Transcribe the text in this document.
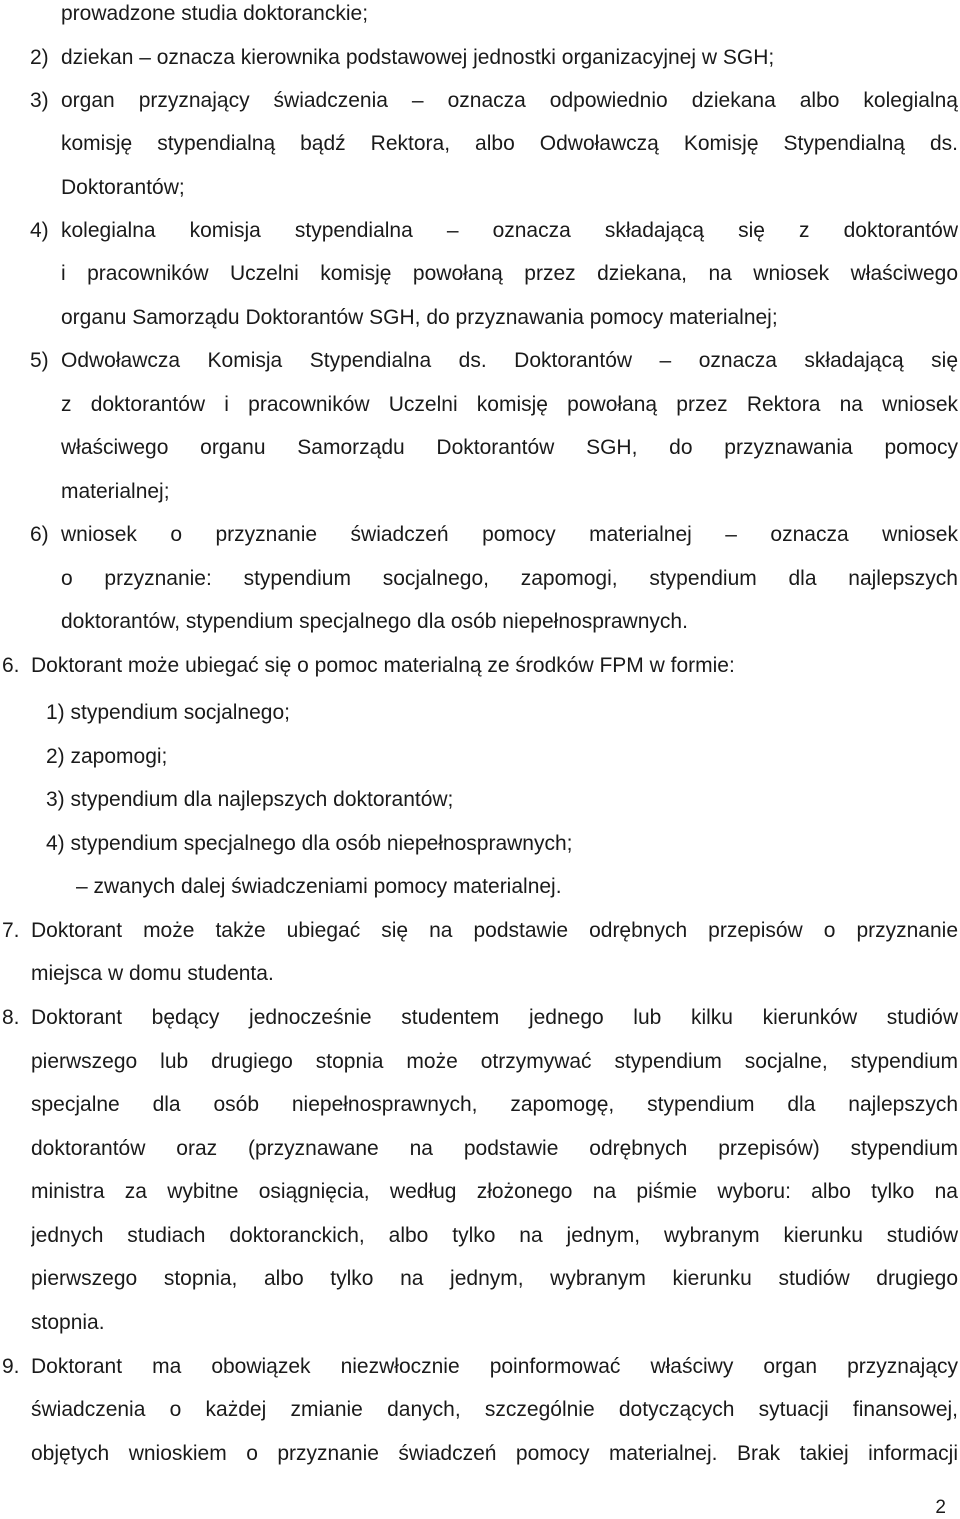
prowadzone studia doktoranckie;
2) dziekan – oznacza kierownika podstawowej jednostki organizacyjnej w SGH;
3) organ przyznający świadczenia – oznacza odpowiednio dziekana albo kolegialną
komisję stypendialną bądź Rektora, albo Odwoławczą Komisję Stypendialną ds.
Doktorantów;
4) kolegialna komisja stypendialna – oznacza składającą się z doktorantów
i pracowników Uczelni komisję powołaną przez dziekana, na wniosek właściwego
organu Samorządu Doktorantów SGH, do przyznawania pomocy materialnej;
5) Odwoławcza Komisja Stypendialna ds. Doktorantów – oznacza składającą się
z doktorantów i pracowników Uczelni komisję powołaną przez Rektora na wniosek
właściwego organu Samorządu Doktorantów SGH, do przyznawania pomocy
materialnej;
6) wniosek o przyznanie świadczeń pomocy materialnej – oznacza wniosek
o przyznanie: stypendium socjalnego, zapomogi, stypendium dla najlepszych
doktorantów, stypendium specjalnego dla osób niepełnosprawnych.
6. Doktorant może ubiegać się o pomoc materialną ze środków FPM w formie:
1) stypendium socjalnego;
2) zapomogi;
3) stypendium dla najlepszych doktorantów;
4) stypendium specjalnego dla osób niepełnosprawnych;
– zwanych dalej świadczeniami pomocy materialnej.
7. Doktorant może także ubiegać się na podstawie odrębnych przepisów o przyznanie
miejsca w domu studenta.
8. Doktorant będący jednocześnie studentem jednego lub kilku kierunków studiów
pierwszego lub drugiego stopnia może otrzymywać stypendium socjalne, stypendium
specjalne dla osób niepełnosprawnych, zapomogę, stypendium dla najlepszych
doktorantów oraz (przyznawane na podstawie odrębnych przepisów) stypendium
ministra za wybitne osiągnięcia, według złożonego na piśmie wyboru: albo tylko na
jednych studiach doktoranckich, albo tylko na jednym, wybranym kierunku studiów
pierwszego stopnia, albo tylko na jednym, wybranym kierunku studiów drugiego
stopnia.
9. Doktorant ma obowiązek niezwłocznie poinformować właściwy organ przyznający
świadczenia o każdej zmianie danych, szczególnie dotyczących sytuacji finansowej,
objętych wnioskiem o przyznanie świadczeń pomocy materialnej. Brak takiej informacji
2
